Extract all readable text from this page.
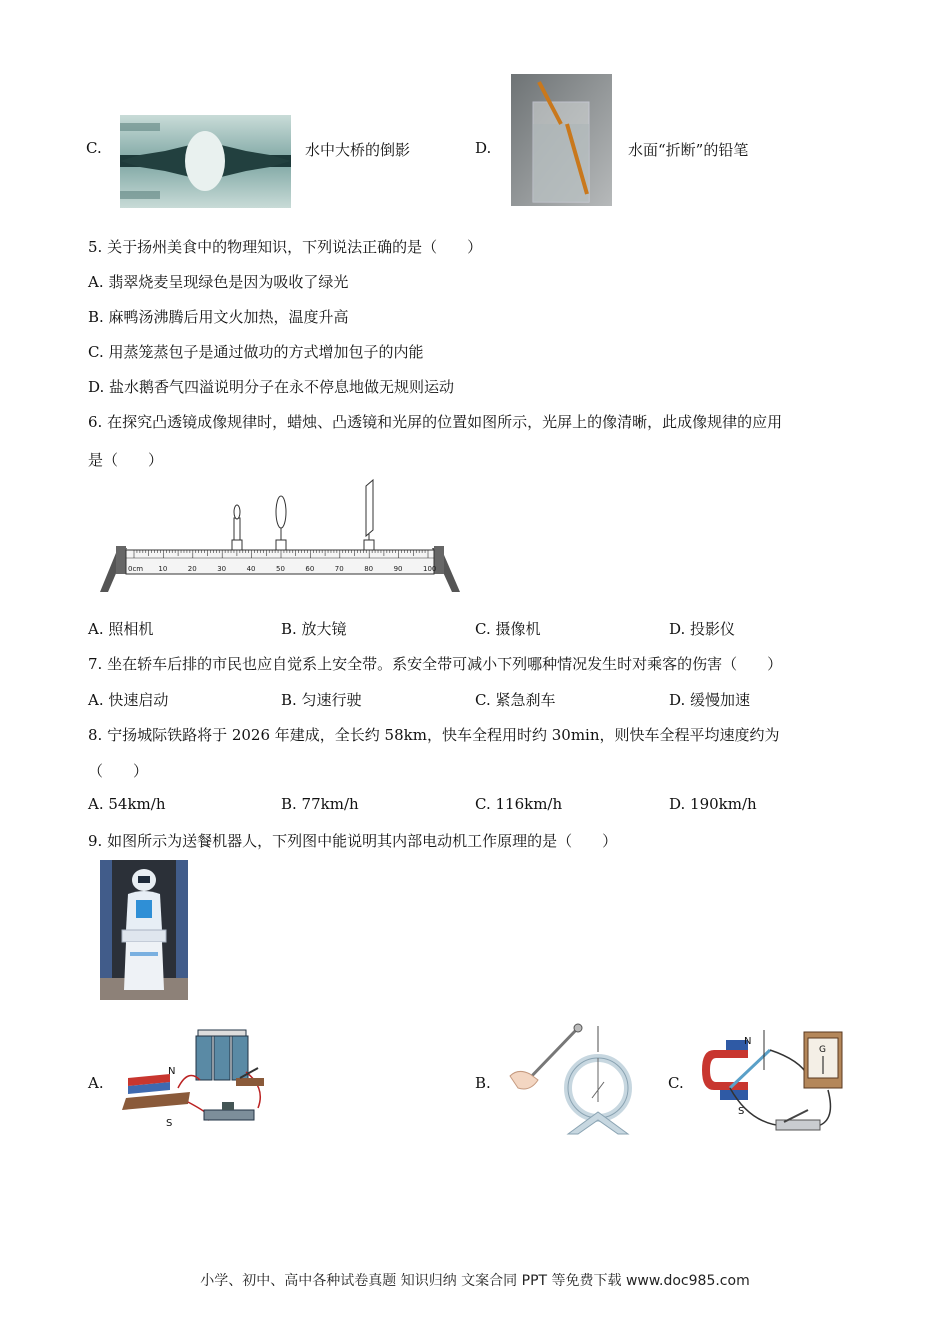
C.	水中大桥的倒影	D.	水面“折断”的铅笔
5. 关于扬州美食中的物理知识，下列说法正确的是（　　）
A. 翡翠烧麦呈现绿色是因为吸收了绿光
B. 麻鸭汤沸腾后用文火加热，温度升高
C. 用蒸笼蒸包子是通过做功的方式增加包子的内能
D. 盐水鹅香气四溢说明分子在永不停息地做无规则运动
6. 在探究凸透镜成像规律时，蜡烛、凸透镜和光屏的位置如图所示，光屏上的像清晰，此成像规律的应用
是（　　）
10	20	30	40	50	60	70	80	90	100
0cm
A. 照相机	B. 放大镜	C. 摄像机	D. 投影仪
7. 坐在轿车后排的市民也应自觉系上安全带。系安全带可减小下列哪种情况发生时对乘客的伤害（　　）
A. 快速启动	B. 匀速行驶	C. 紧急刹车	D. 缓慢加速
8. 宁扬城际铁路将于 2026 年建成，全长约 58km，快车全程用时约 30min，则快车全程平均速度约为
（　　）
A. 54km/h	B. 77km/h	C. 116km/h	D. 190km/h
9. 如图所示为送餐机器人，下列图中能说明其内部电动机工作原理的是（　　）
A.
N
S
B.	C.
N
S
G
小学、初中、高中各种试卷真题 知识归纳 文案合同 PPT 等免费下载 www.doc985.com
